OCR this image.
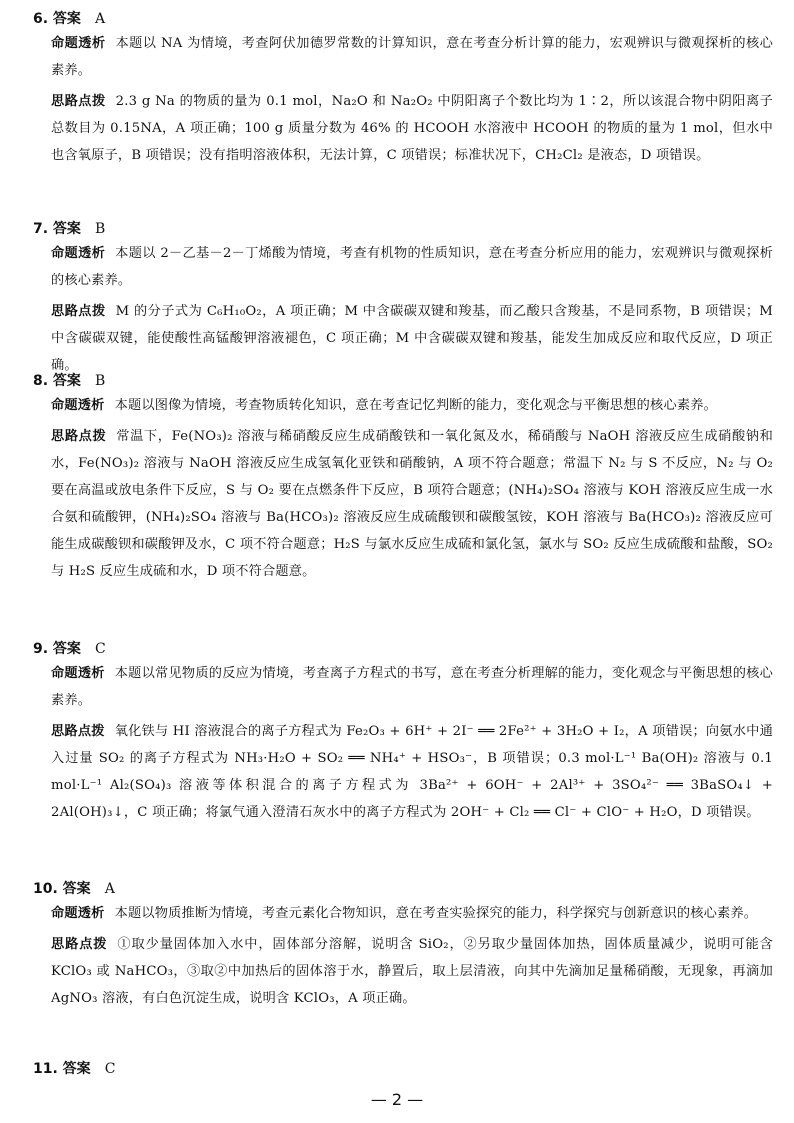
6. 答案 A
命题透析 本题以 NA 为情境，考查阿伏加德罗常数的计算知识，意在考查分析计算的能力，宏观辨识与微观探析的核心素养。
思路点拨 2.3 g Na 的物质的量为 0.1 mol，Na₂O 和 Na₂O₂ 中阴阳离子个数比均为 1∶2，所以该混合物中阴阳离子总数目为 0.15NA，A 项正确；100 g 质量分数为 46% 的 HCOOH 水溶液中 HCOOH 的物质的量为 1 mol，但水中也含氧原子，B 项错误；没有指明溶液体积，无法计算，C 项错误；标准状况下，CH₂Cl₂ 是液态，D 项错误。
7. 答案 B
命题透析 本题以 2－乙基－2－丁烯酸为情境，考查有机物的性质知识，意在考查分析应用的能力，宏观辨识与微观探析的核心素养。
思路点拨 M 的分子式为 C₆H₁₀O₂，A 项正确；M 中含碳碳双键和羧基，而乙酸只含羧基，不是同系物，B 项错误；M 中含碳碳双键，能使酸性高锰酸钾溶液褪色，C 项正确；M 中含碳碳双键和羧基，能发生加成反应和取代反应，D 项正确。
8. 答案 B
命题透析 本题以图像为情境，考查物质转化知识，意在考查记忆判断的能力，变化观念与平衡思想的核心素养。
思路点拨 常温下，Fe(NO₃)₂ 溶液与稀硝酸反应生成硝酸铁和一氧化氮及水，稀硝酸与 NaOH 溶液反应生成硝酸钠和水，Fe(NO₃)₂ 溶液与 NaOH 溶液反应生成氢氧化亚铁和硝酸钠，A 项不符合题意；常温下 N₂ 与 S 不反应，N₂ 与 O₂ 要在高温或放电条件下反应，S 与 O₂ 要在点燃条件下反应，B 项符合题意；(NH₄)₂SO₄ 溶液与 KOH 溶液反应生成一水合氨和硫酸钾，(NH₄)₂SO₄ 溶液与 Ba(HCO₃)₂ 溶液反应生成硫酸钡和碳酸氢铵，KOH 溶液与 Ba(HCO₃)₂ 溶液反应可能生成碳酸钡和碳酸钾及水，C 项不符合题意；H₂S 与氯水反应生成硫和氯化氢，氯水与 SO₂ 反应生成硫酸和盐酸，SO₂ 与 H₂S 反应生成硫和水，D 项不符合题意。
9. 答案 C
命题透析 本题以常见物质的反应为情境，考查离子方程式的书写，意在考查分析理解的能力，变化观念与平衡思想的核心素养。
思路点拨 氧化铁与 HI 溶液混合的离子方程式为 Fe₂O₃ + 6H⁺ + 2I⁻ ══ 2Fe²⁺ + 3H₂O + I₂，A 项错误；向氨水中通入过量 SO₂ 的离子方程式为 NH₃·H₂O + SO₂ ══ NH₄⁺ + HSO₃⁻，B 项错误；0.3 mol·L⁻¹ Ba(OH)₂ 溶液与 0.1 mol·L⁻¹ Al₂(SO₄)₃ 溶液等体积混合的离子方程式为 3Ba²⁺ + 6OH⁻ + 2Al³⁺ + 3SO₄²⁻ ══ 3BaSO₄↓ + 2Al(OH)₃↓，C 项正确；将氯气通入澄清石灰水中的离子方程式为 2OH⁻ + Cl₂ ══ Cl⁻ + ClO⁻ + H₂O，D 项错误。
10. 答案 A
命题透析 本题以物质推断为情境，考查元素化合物知识，意在考查实验探究的能力，科学探究与创新意识的核心素养。
思路点拨 ①取少量固体加入水中，固体部分溶解，说明含 SiO₂，②另取少量固体加热，固体质量减少，说明可能含 KClO₃ 或 NaHCO₃，③取②中加热后的固体溶于水，静置后，取上层清液，向其中先滴加足量稀硝酸，无现象，再滴加 AgNO₃ 溶液，有白色沉淀生成，说明含 KClO₃，A 项正确。
11. 答案 C
— 2 —
